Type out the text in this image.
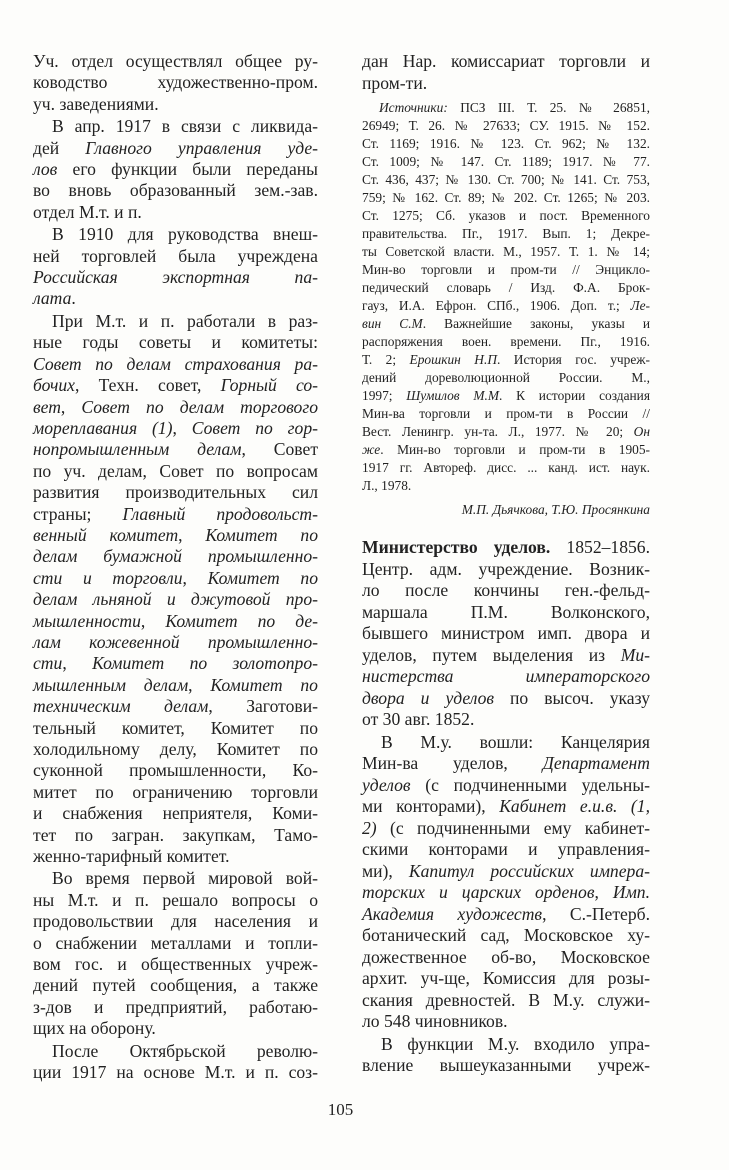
Уч. отдел осуществлял общее ру-
ководство художественно-пром.
уч. заведениями.
В апр. 1917 в связи с ликвида-
дей Главного управления уде-
лов его функции были переданы
во вновь образованный зем.-зав.
отдел М.т. и п.
В 1910 для руководства внеш-
ней торговлей была учреждена
Российская экспортная па-
лата.
При М.т. и п. работали в раз-
ные годы советы и комитеты:
Совет по делам страхования ра-
бочих, Техн. совет, Горный со-
вет, Совет по делам торгового
мореплавания (1), Совет по гор-
нопромышленным делам, Совет
по уч. делам, Совет по вопросам
развития производительных сил
страны; Главный продовольст-
венный комитет, Комитет по
делам бумажной промышленно-
сти и торговли, Комитет по
делам льняной и джутовой про-
мышленности, Комитет по де-
лам кожевенной промышленно-
сти, Комитет по золотопро-
мышленным делам, Комитет по
техническим делам, Заготови-
тельный комитет, Комитет по
холодильному делу, Комитет по
суконной промышленности, Ко-
митет по ограничению торговли
и снабжения неприятеля, Коми-
тет по загран. закупкам, Тамо-
женно-тарифный комитет.
Во время первой мировой вой-
ны М.т. и п. решало вопросы о
продовольствии для населения и
о снабжении металлами и топли-
вом гос. и общественных учреж-
дений путей сообщения, а также
з-дов и предприятий, работаю-
щих на оборону.
После Октябрьской револю-
ции 1917 на основе М.т. и п. соз-
дан Нар. комиссариат торговли и
пром-ти.
Источники: ПСЗ III. Т. 25. № 26851,
26949; Т. 26. № 27633; СУ. 1915. № 152.
Ст. 1169; 1916. № 123. Ст. 962; № 132.
Ст. 1009; № 147. Ст. 1189; 1917. № 77.
Ст. 436, 437; № 130. Ст. 700; № 141. Ст. 753,
759; № 162. Ст. 89; № 202. Ст. 1265; № 203.
Ст. 1275; Сб. указов и пост. Временного
правительства. Пг., 1917. Вып. 1; Декре-
ты Советской власти. М., 1957. Т. 1. № 14;
Мин-во торговли и пром-ти // Энцикло-
педический словарь / Изд. Ф.А. Брок-
гауз, И.А. Ефрон. СПб., 1906. Доп. т.; Ле-
вин С.М. Важнейшие законы, указы и
распоряжения воен. времени. Пг., 1916.
Т. 2; Ерошкин Н.П. История гос. учреж-
дений дореволюционной России. М.,
1997; Шумилов М.М. К истории создания
Мин-ва торговли и пром-ти в России //
Вест. Ленингр. ун-та. Л., 1977. № 20; Он
же. Мин-во торговли и пром-ти в 1905-
1917 гг. Автореф. дисс. ... канд. ист. наук.
Л., 1978.
М.П. Дьячкова, Т.Ю. Просянкина
Министерство уделов. 1852–1856.
Центр. адм. учреждение. Возник-
ло после кончины ген.-фельд-
маршала П.М. Волконского,
бывшего министром имп. двора и
уделов, путем выделения из Ми-
нистерства императорского
двора и уделов по высоч. указу
от 30 авг. 1852.
В М.у. вошли: Канцелярия
Мин-ва уделов, Департамент
уделов (с подчиненными удельны-
ми конторами), Кабинет е.и.в. (1,
2) (с подчиненными ему кабинет-
скими конторами и управления-
ми), Капитул российских импера-
торских и царских орденов, Имп.
Академия художеств, С.-Петерб.
ботанический сад, Московское ху-
дожественное об-во, Московское
архит. уч-ще, Комиссия для розы-
скания древностей. В М.у. служи-
ло 548 чиновников.
В функции М.у. входило упра-
вление вышеуказанными учреж-
105
